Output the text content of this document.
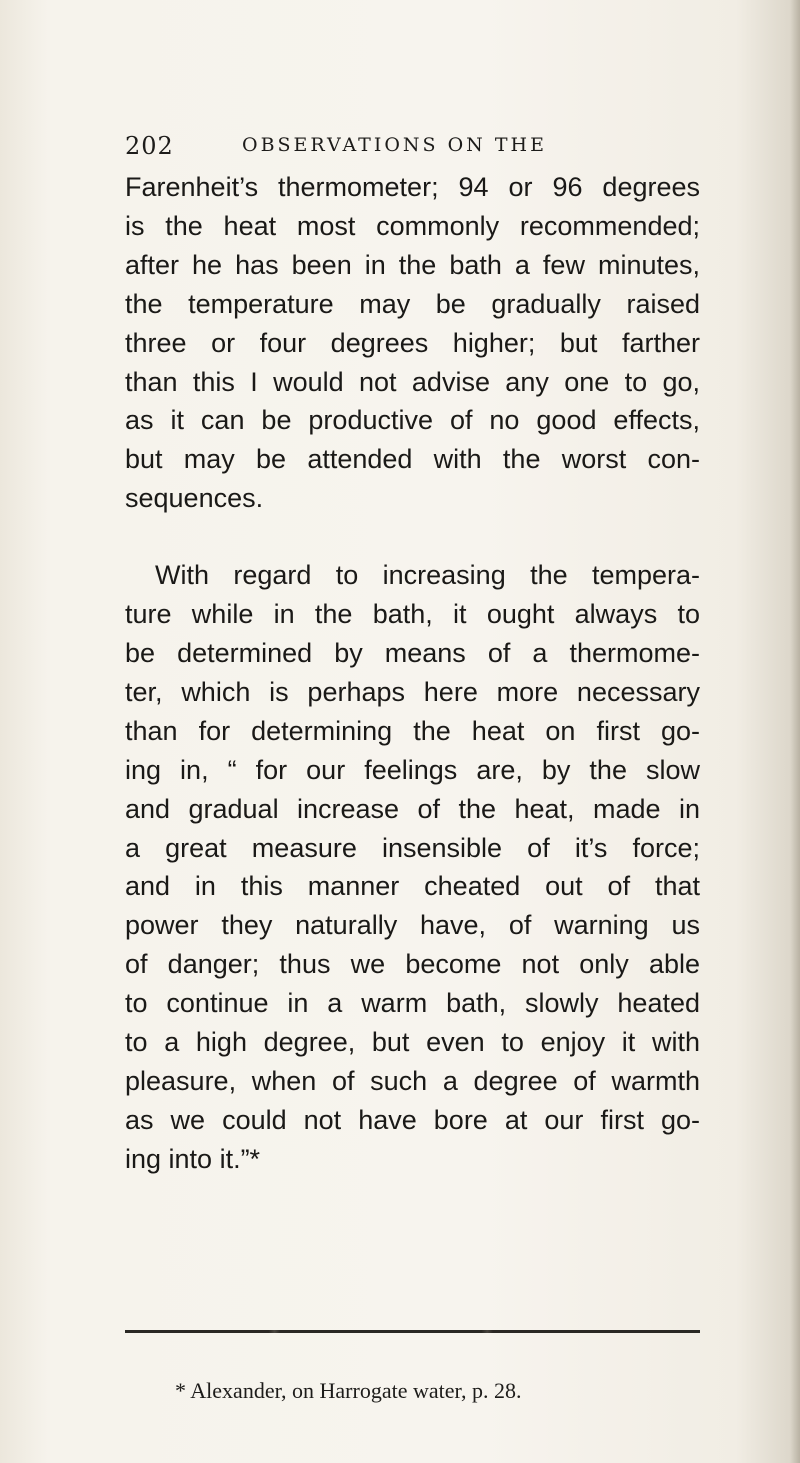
202	OBSERVATIONS ON THE

Farenheit’s thermometer; 94 or 96 degrees
is the heat most commonly recommended;
after he has been in the bath a few minutes,
the temperature may be gradually raised
three or four degrees higher; but farther
than this I would not advise any one to go,
as it can be productive of no good effects,
but may be attended with the worst con-
sequences.

With regard to increasing the tempera-
ture while in the bath, it ought always to
be determined by means of a thermome-
ter, which is perhaps here more necessary
than for determining the heat on first go-
ing in, “ for our feelings are, by the slow
and gradual increase of the heat, made in
a great measure insensible of it’s force;
and in this manner cheated out of that
power they naturally have, of warning us
of danger; thus we become not only able
to continue in a warm bath, slowly heated
to a high degree, but even to enjoy it with
pleasure, when of such a degree of warmth
as we could not have bore at our first go-
ing into it.”*

* Alexander, on Harrogate water, p. 28.
